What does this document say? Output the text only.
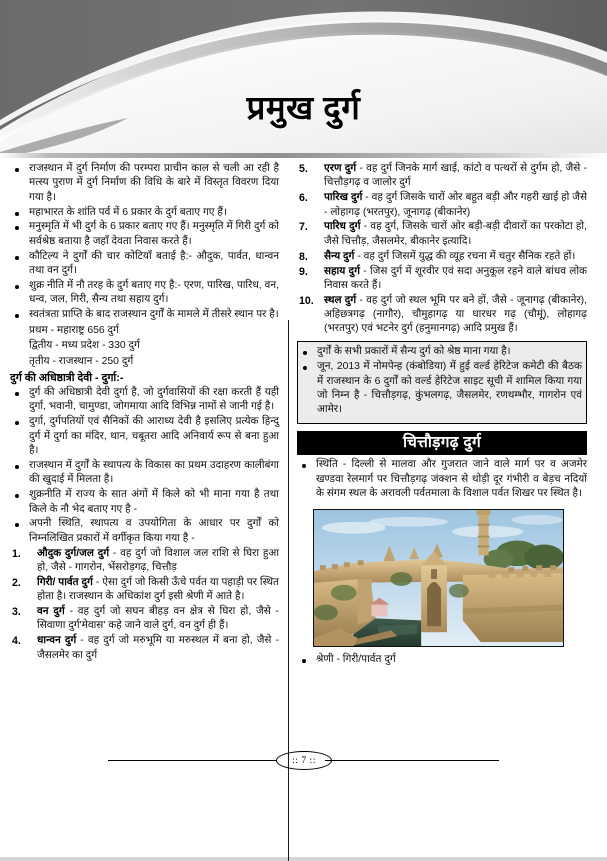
प्रमुख दुर्ग
राजस्थान में दुर्ग निर्माण की परम्परा प्राचीन काल से चली आ रही है मत्स्य पुराण में दुर्ग निर्माण की विधि के बारे में विस्तृत विवरण दिया गया है।
महाभारत के शांति पर्व में 6 प्रकार के दुर्ग बताए गए हैं।
मनुस्मृति में भी दुर्ग के 6 प्रकार बताए गए हैं। मनुस्मृति में गिरी दुर्ग को सर्वश्रेष्ठ बताया है जहाँ देवता निवास करते हैं।
कौटिल्य ने दुर्गों की चार कोटियाँ बताई है:- औदुक, पार्वत, धान्वन तथा वन दुर्ग।
शुक्र नीति में नौ तरह के दुर्ग बताए गए है:- एरण, पारिख, पारिध, वन, धन्व, जल, गिरी, सैन्य तथा सहाय दुर्ग।
स्वतंत्रता प्राप्ति के बाद राजस्थान दुर्गों के मामले में तीसरे स्थान पर है।
प्रथम - महाराष्ट्र 656 दुर्ग
द्वितीय - मध्य प्रदेश - 330 दुर्ग
तृतीय - राजस्थान - 250 दुर्ग
दुर्ग की अधिष्ठात्री देवी - दुर्गा:-
दुर्ग की अधिष्ठात्री देवी दुर्गा है, जो दुर्गवासियों की रक्षा करती हैं यही दुर्गा, भवानी, चामुण्डा, जोगमाया आदि विभिन्न नामों से जानी गई है।
दुर्गा, दुर्गपतियों एवं सैनिकों की आराध्य देवी है इसलिए प्रत्येक हिन्दु दुर्ग में दुर्गा का मंदिर, थान, चबूतरा आदि अनिवार्य रूप से बना हुआ है।
राजस्थान में दुर्गों के स्थापत्य के विकास का प्रथम उदाहरण कालीबंगा की खुदाई में मिलता है।
शुक्रनीति में राज्य के सात अंगों में किले को भी माना गया है तथा किले के नौ भेद बताए गए है -
अपनी स्थिति, स्थापत्य व उपयोगिता के आधार पर दुर्गों को निम्नलिखित प्रकारों में वर्गीकृत किया गया है -
1. औदुक दुर्ग/जल दुर्ग - वह दुर्ग जो विशाल जल राशि से घिरा हुआ हो, जैसे - गागरोन, भेंसरोड़गढ़, चित्तौड़
2. गिरी/ पार्वत दुर्ग - ऐसा दुर्ग जो किसी ऊँचे पर्वत या पहाड़ी पर स्थित होता है। राजस्थान के अधिकांश दुर्ग इसी श्रेणी में आते है।
3. वन दुर्ग - वह दुर्ग जो सघन बीहड़ वन क्षेत्र से घिरा हो, जैसे - सिवाणा दुर्ग'मेवास' कहे जाने वाले दुर्ग, वन दुर्ग ही हैं।
4. धान्वन दुर्ग - वह दुर्ग जो मरुभूमि या मरुस्थल में बना हो, जैसे - जैसलमेर का दुर्ग
5. एरण दुर्ग - वह दुर्ग जिनके मार्ग खाई, कांटो व पत्थरों से दुर्गम हो, जैसे - चित्तौड़गढ़ व जालोर दुर्ग
6. पारिख दुर्ग - वह दुर्ग जिसके चारों ओर बहुत बड़ी और गहरी खाई हो जैसे - लोहागढ़ (भरतपुर), जूनागढ़ (बीकानेर)
7. पारिध दुर्ग - वह दुर्ग, जिसके चारों ओर बड़ी-बड़ी दीवारों का परकोटा हो, जैसे चित्तौड़, जैसलमेर, बीकानेर इत्यादि।
8. सैन्य दुर्ग - वह दुर्ग जिसमें युद्ध की व्यूह रचना में चतुर सैनिक रहते हों।
9. सहाय दुर्ग - जिस दुर्ग में शूरवीर एवं सदा अनुकूल रहने वाले बांधव लोक निवास करते हैं।
10. स्थल दुर्ग - वह दुर्ग जो स्थल भूमि पर बने हों, जैसे - जूनागढ़ (बीकानेर), अहिछत्रगढ़ (नागौर), चौमुहागढ़ या धारधर गढ़ (चौमूं), लोहागढ़ (भरतपुर) एवं भटनेर दुर्ग (हनुमानगढ़) आदि प्रमुख हैं।
दुर्गों के सभी प्रकारों में सैन्य दुर्ग को श्रेष्ठ माना गया है।
जून, 2013 में नोमपेन्ह (कंबोडिया) में हुई वर्ल्ड हेरिटेज कमेटी की बैठक में राजस्थान के 6 दुर्गों को वर्ल्ड हेरिटेज साइट सूची में शामिल किया गया जो निम्न है - चित्तौड़गढ़, कुंभलगढ़, जैसलमेर, रणथम्भौर, गागरोन एवं आमेर।
चित्तौड़गढ़ दुर्ग
स्थिति - दिल्ली से मालवा और गुजरात जाने वाले मार्ग पर व अजमेर खण्डवा रेलमार्ग पर चित्तौड़गढ़ जंक्शन से थोड़ी दूर गंभीरी व बेड़च नदियों के संगम स्थल के अरावली पर्वतमाला के विशाल पर्वत शिखर पर स्थित है।
श्रेणी - गिरी/पार्वत दुर्ग
:: 7 ::
